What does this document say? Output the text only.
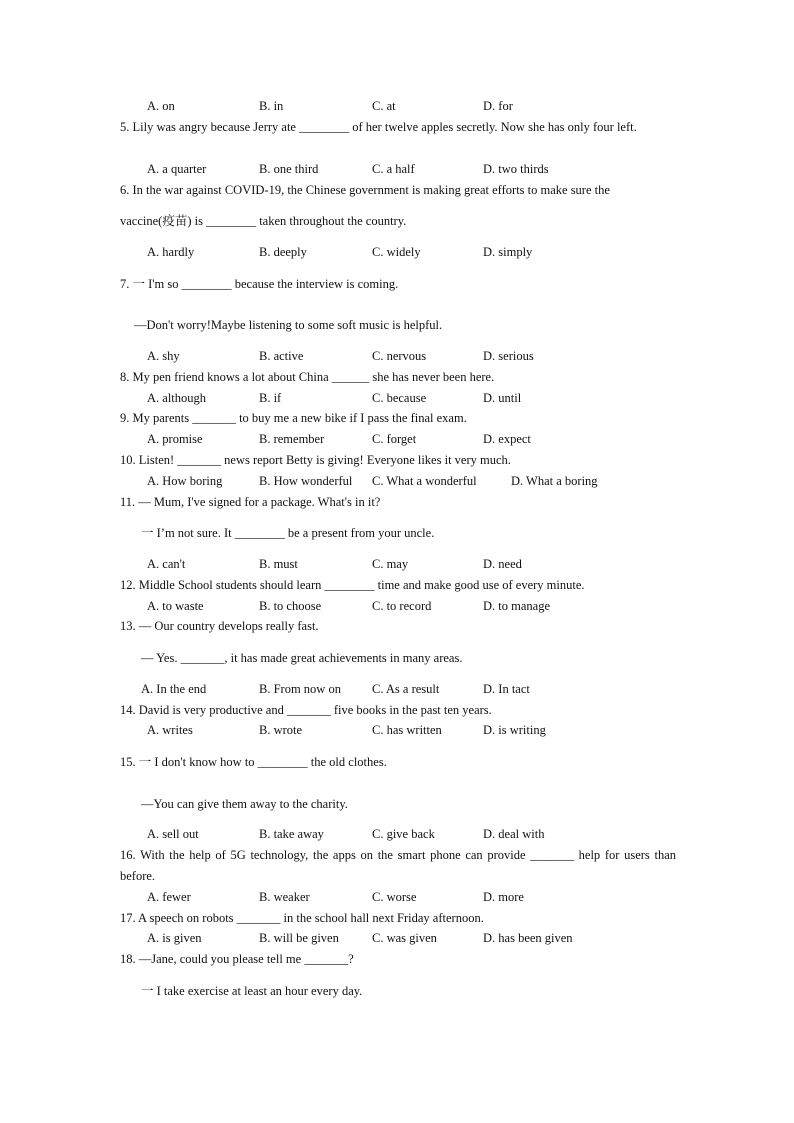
A. on	B. in	C. at	D. for
5. Lily was angry because Jerry ate ________ of her twelve apples secretly. Now she has only four left.
A. a quarter	B. one third	C. a half	D. two thirds
6. In the war against COVID-19, the Chinese government is making great efforts to make sure the
vaccine(疫苗) is ________ taken throughout the country.
A. hardly	B. deeply	C. widely	D. simply
7. 一 I'm so ________ because the interview is coming.
—Don't worry!Maybe listening to some soft music is helpful.
A. shy	B. active	C. nervous	D. serious
8. My pen friend knows a lot about China ______ she has never been here.
A. although	B. if	C. because	D. until
9. My parents _______ to buy me a new bike if I pass the final exam.
A. promise	B. remember	C. forget	D. expect
10. Listen! _______ news report Betty is giving! Everyone likes it very much.
A. How boring	B. How wonderful C. What a wonderful	D. What a boring
11. — Mum, I've signed for a package. What's in it?
一 I’m not sure. It ________ be a present from your uncle.
A. can't	B. must	C. may	D. need
12. Middle School students should learn ________ time and make good use of every minute.
A. to waste	B. to choose	C. to record	D. to manage
13. — Our country develops really fast.
— Yes. _______, it has made great achievements in many areas.
A. In the end	B. From now on C. As a result	D. In tact
14. David is very productive and _______ five books in the past ten years.
A. writes	B. wrote	C. has written	D. is writing
15. 一 I don't know how to ________ the old clothes.
—You can give them away to the charity.
A. sell out	B. take away	C. give back	D. deal with
16. With the help of 5G technology, the apps on the smart phone can provide _______ help for users than before.
A. fewer	B. weaker	C. worse	D. more
17. A speech on robots _______ in the school hall next Friday afternoon.
A. is given	B. will be given	C. was given	D. has been given
18. —Jane, could you please tell me _______?
一 I take exercise at least an hour every day.
